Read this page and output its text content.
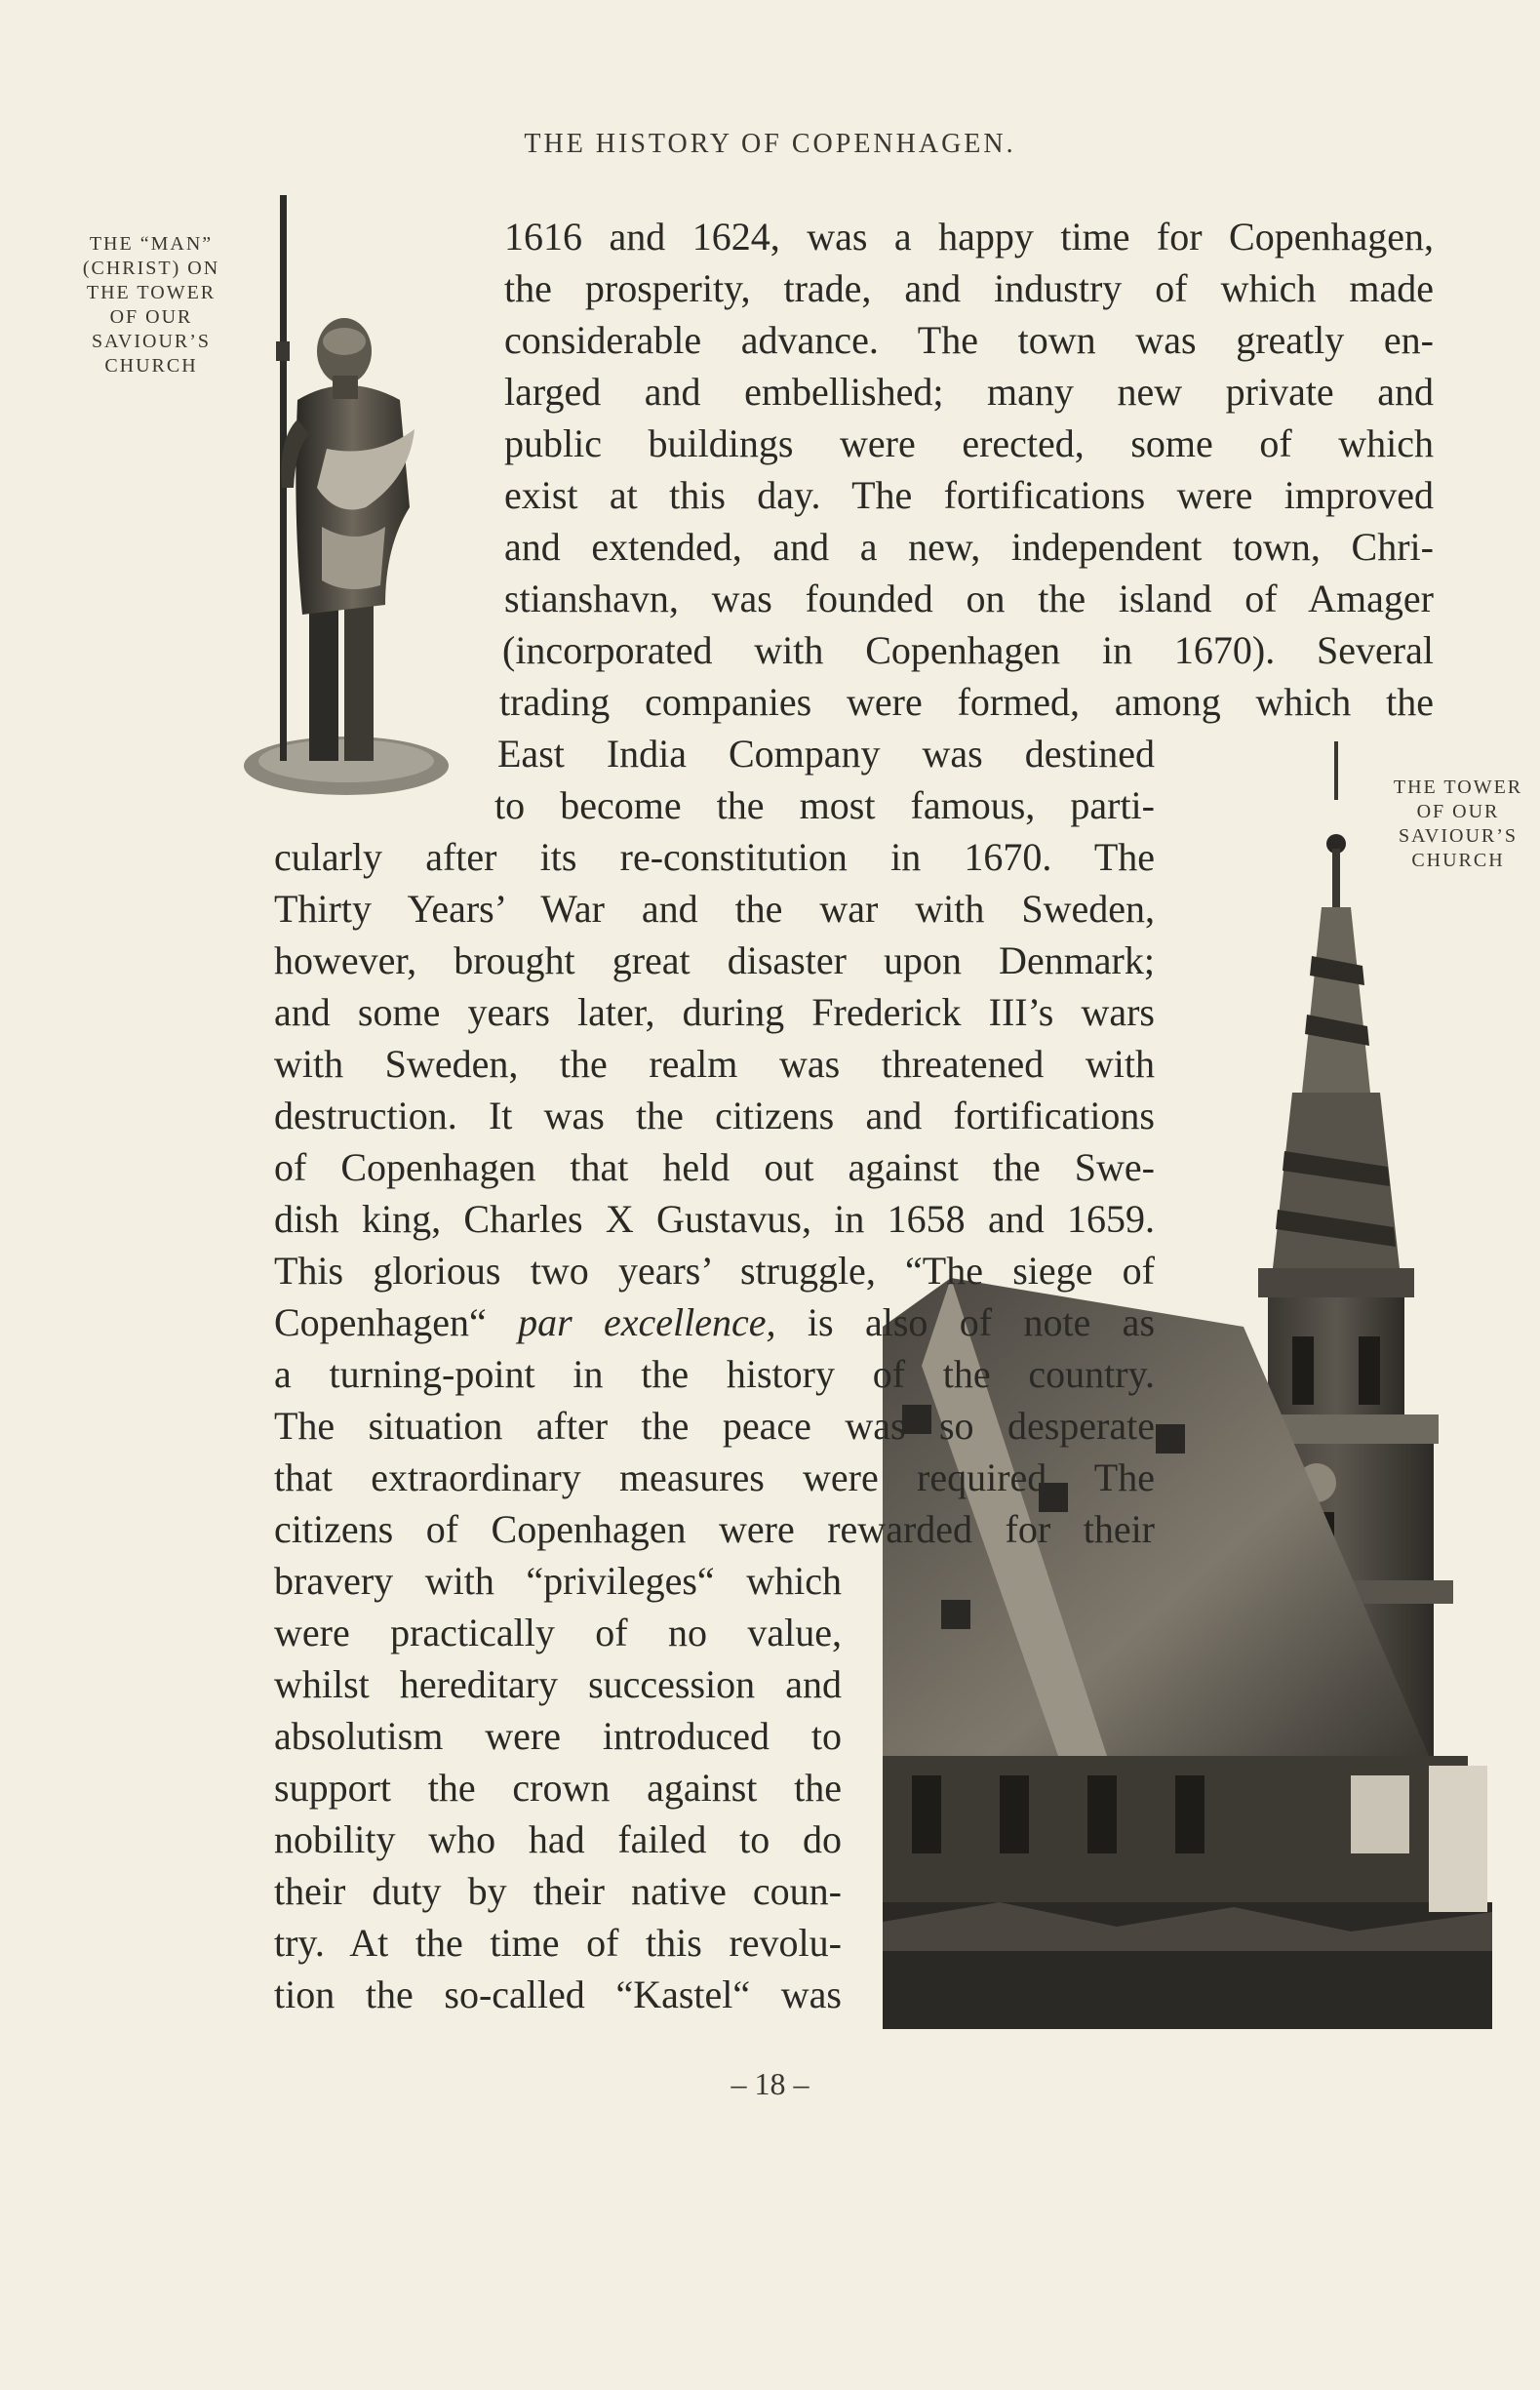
THE HISTORY OF COPENHAGEN.
THE “MAN”
(CHRIST) ON
THE TOWER
OF OUR
SAVIOUR’S
CHURCH
THE TOWER
OF OUR
SAVIOUR’S
CHURCH
1616 and 1624, was a happy time for Copenhagen,
the prosperity, trade, and industry of which made
considerable advance. The town was greatly en-
larged and embellished; many new private and
public buildings were erected, some of which
exist at this day. The fortifications were improved
and extended, and a new, independent town, Chri-
stianshavn, was founded on the island of Amager
(incorporated with Copenhagen in 1670). Several
trading companies were formed, among which the
East India Company was destined
to become the most famous, parti-
cularly after its re-constitution in 1670. The
Thirty Years’ War and the war with Sweden,
however, brought great disaster upon Denmark;
and some years later, during Frederick III’s wars
with Sweden, the realm was threatened with
destruction. It was the citizens and fortifications
of Copenhagen that held out against the Swe-
dish king, Charles X Gustavus, in 1658 and 1659.
This glorious two years’ struggle, “The siege of
Copenhagen“ par excellence, is also of note as
a turning-point in the history of the country.
The situation after the peace was so desperate
that extraordinary measures were required. The
citizens of Copenhagen were rewarded for their
bravery with “privileges“ which
were practically of no value,
whilst hereditary succession and
absolutism were introduced to
support the crown against the
nobility who had failed to do
their duty by their native coun-
try. At the time of this revolu-
tion the so-called “Kastel“ was
– 18 –
